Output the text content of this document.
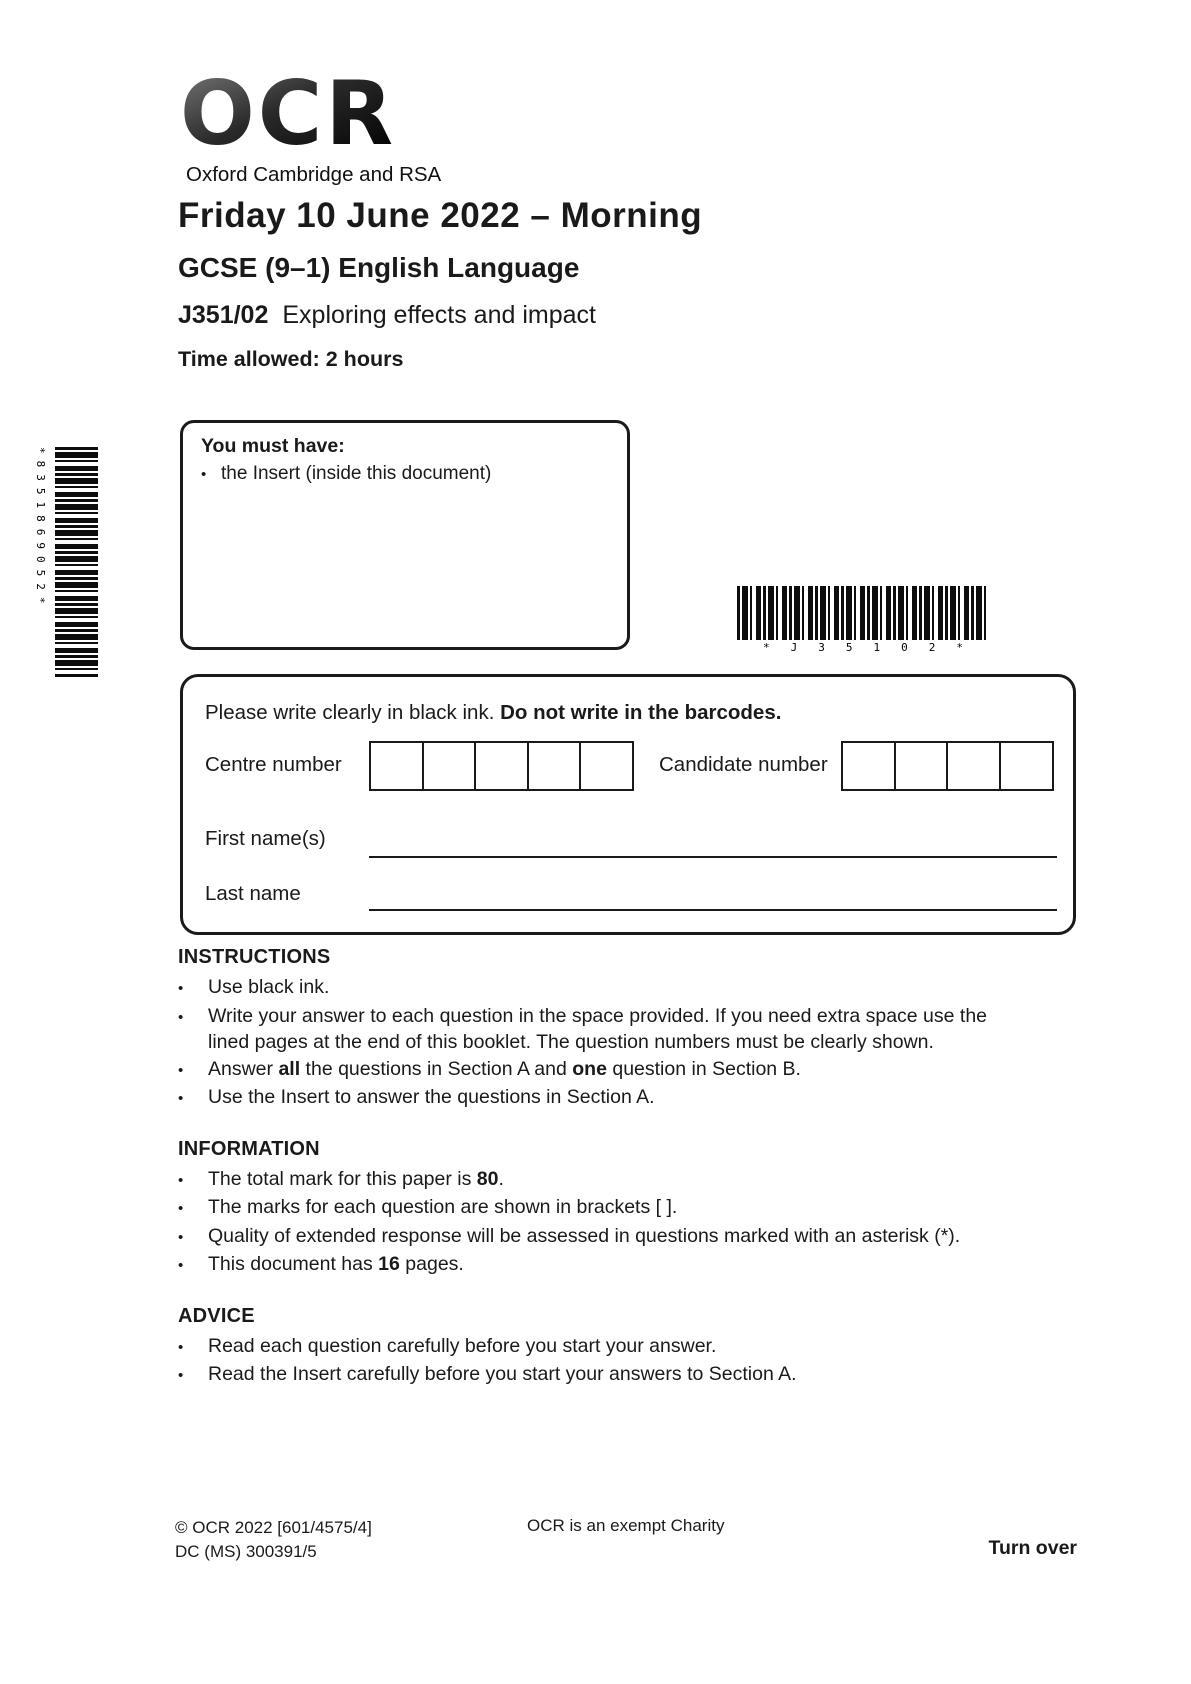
OCR
Oxford Cambridge and RSA
Friday 10 June 2022 – Morning
GCSE (9–1) English Language
J351/02 Exploring effects and impact
Time allowed: 2 hours
You must have:
•
the Insert (inside this document)
*8351869052*
*J35102*
Please write clearly in black ink. Do not write in the barcodes.
Centre number	Candidate number
First name(s)
Last name
INSTRUCTIONS
•
Use black ink.
•
Write your answer to each question in the space provided. If you need extra space use the lined pages at the end of this booklet. The question numbers must be clearly shown.
•
Answer all the questions in Section A and one question in Section B.
•
Use the Insert to answer the questions in Section A.
INFORMATION
•
The total mark for this paper is 80.
•
The marks for each question are shown in brackets [ ].
•
Quality of extended response will be assessed in questions marked with an asterisk (*).
•
This document has 16 pages.
ADVICE
•
Read each question carefully before you start your answer.
•
Read the Insert carefully before you start your answers to Section A.
© OCR 2022 [601/4575/4]
DC (MS) 300391/5
OCR is an exempt Charity
Turn over
